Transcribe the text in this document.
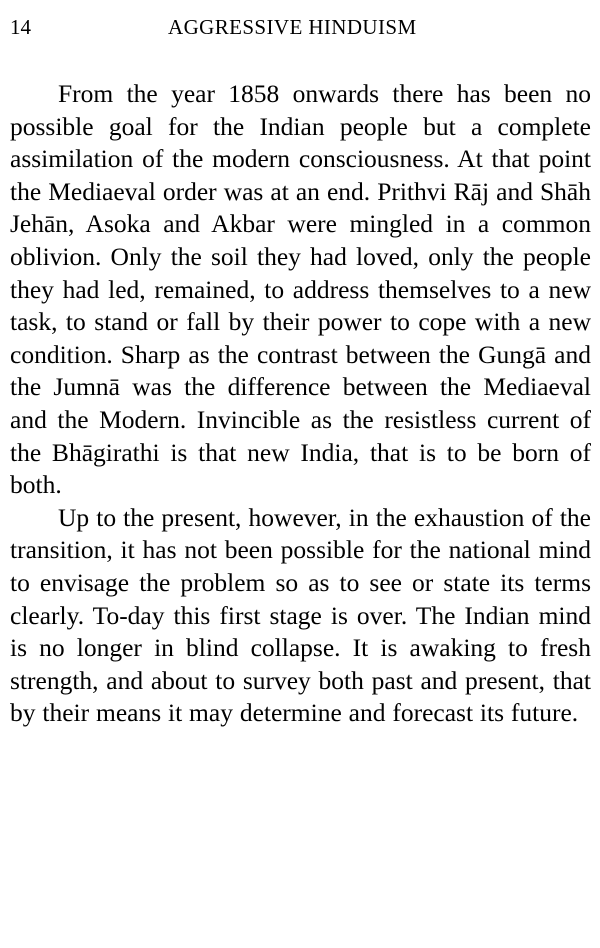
14	AGGRESSIVE HINDUISM

From the year 1858 onwards there has been no possible goal for the Indian people but a complete assimilation of the modern consciousness. At that point the Mediaeval order was at an end. Prithvi Rāj and Shāh Jehān, Asoka and Akbar were mingled in a common oblivion. Only the soil they had loved, only the people they had led, remained, to address themselves to a new task, to stand or fall by their power to cope with a new condition. Sharp as the contrast between the Gungā and the Jumnā was the difference between the Mediaeval and the Modern. Invincible as the resistless current of the Bhāgirathi is that new India, that is to be born of both.

Up to the present, however, in the exhaustion of the transition, it has not been possible for the national mind to envisage the problem so as to see or state its terms clearly. To-day this first stage is over. The Indian mind is no longer in blind collapse. It is awaking to fresh strength, and about to survey both past and present, that by their means it may determine and forecast its future.
